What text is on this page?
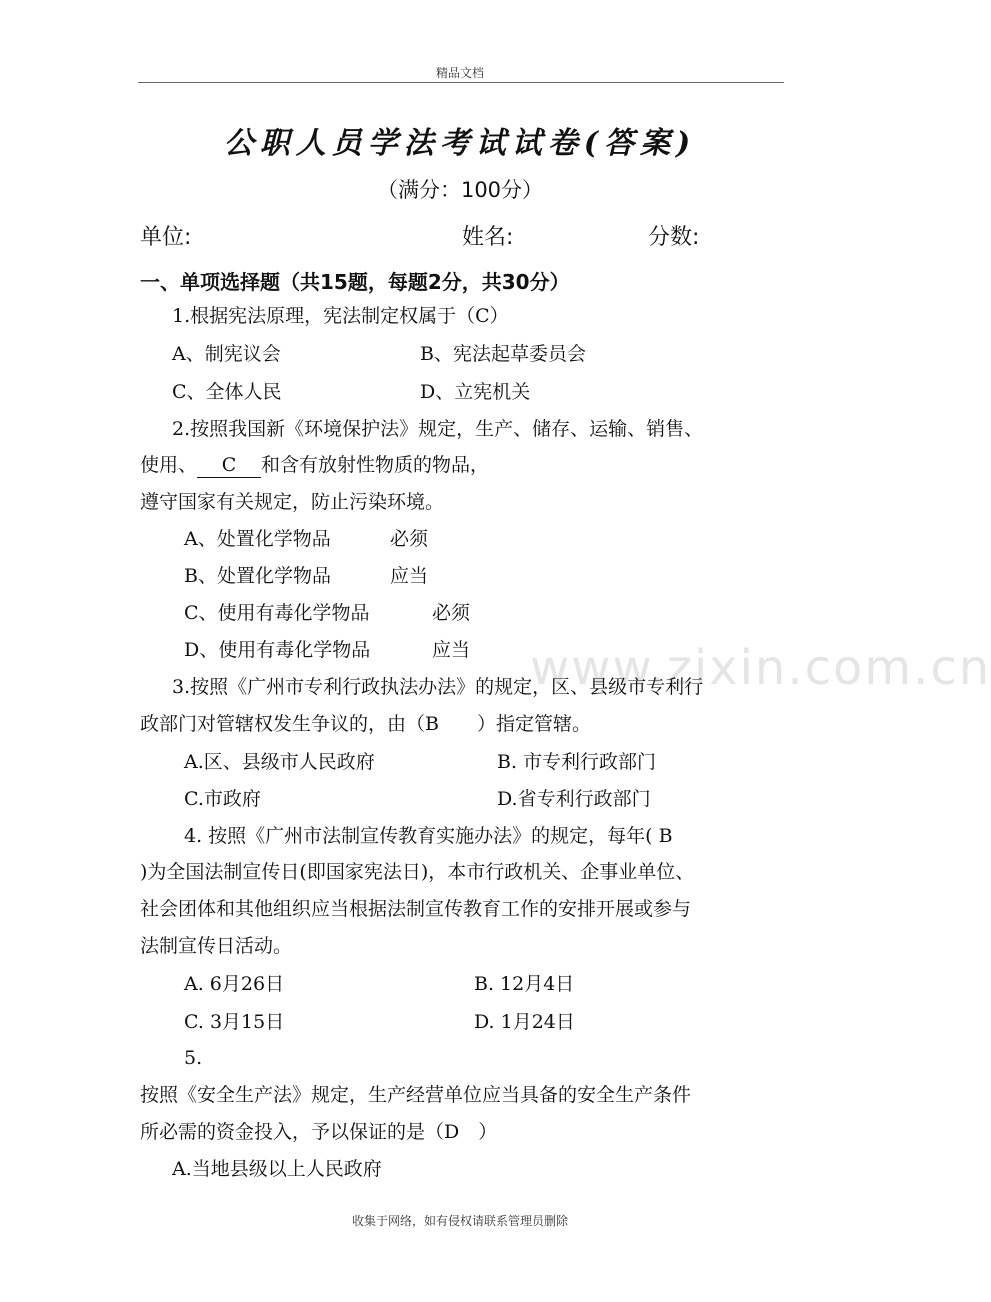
精品文档
www.zixin.com.cn
公职人员学法考试试卷(答案)
（满分：100分）
单位:	姓名:	分数:
一、单项选择题（共15题，每题2分，共30分）
1.根据宪法原理，宪法制定权属于（C）
A、制宪议会	B、宪法起草委员会
C、全体人民	D、立宪机关
2.按照我国新《环境保护法》规定，生产、储存、运输、销售、
使用、 C 和含有放射性物质的物品，
遵守国家有关规定，防止污染环境。
A、处置化学物品	必须
B、处置化学物品	应当
C、使用有毒化学物品	必须
D、使用有毒化学物品	应当
3.按照《广州市专利行政执法办法》的规定，区、县级市专利行
政部门对管辖权发生争议的，由（B　　）指定管辖。
A.区、县级市人民政府	B. 市专利行政部门
C.市政府	D.省专利行政部门
4. 按照《广州市法制宣传教育实施办法》的规定，每年( B
)为全国法制宣传日(即国家宪法日)，本市行政机关、企事业单位、
社会团体和其他组织应当根据法制宣传教育工作的安排开展或参与
法制宣传日活动。
A. 6月26日	B. 12月4日
C. 3月15日	D. 1月24日
5.
按照《安全生产法》规定，生产经营单位应当具备的安全生产条件
所必需的资金投入，予以保证的是（D　）
A.当地县级以上人民政府
收集于网络，如有侵权请联系管理员删除
